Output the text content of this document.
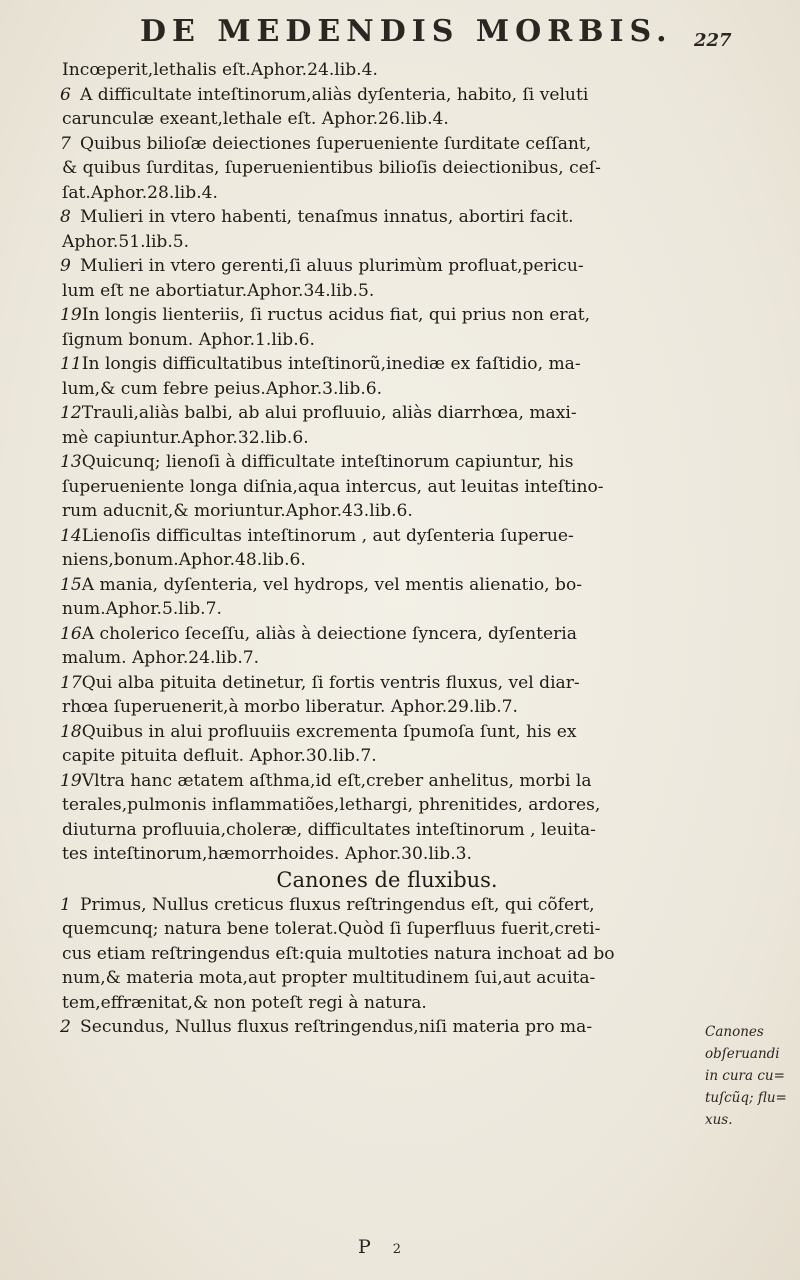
DE MEDENDIS MORBIS. 227
Incœperit,lethalis eſt.Aphor.24.lib.4.
6 A difficultate inteſtinorum,aliàs dyſenteria, habito, ſi veluti
carunculæ exeant,lethale eſt. Aphor.26.lib.4.
7 Quibus bilioſæ deiectiones ſuperueniente ſurditate ceſſant,
& quibus ſurditas, ſuperuenientibus bilioſis deiectionibus, ceſ-
ſat.Aphor.28.lib.4.
8 Mulieri in vtero habenti, tenaſmus innatus, abortiri facit.
Aphor.51.lib.5.
9 Mulieri in vtero gerenti,ſi aluus plurimùm profluat,pericu-
lum eſt ne abortiatur.Aphor.34.lib.5.
19In longis lienteriis, ſi ructus acidus fiat, qui prius non erat,
ſignum bonum. Aphor.1.lib.6.
11In longis difficultatibus inteſtinorũ,inediæ ex faſtidio, ma-
lum,& cum febre peius.Aphor.3.lib.6.
12Trauli,aliàs balbi, ab alui profluuio, aliàs diarrhœa, maxi-
mè capiuntur.Aphor.32.lib.6.
13Quicunq; lienoſi à difficultate inteſtinorum capiuntur, his
ſuperueniente longa diſnia,aqua intercus, aut leuitas inteſtino-
rum aducnit,& moriuntur.Aphor.43.lib.6.
14Lienoſis difficultas inteſtinorum , aut dyſenteria ſuperue-
niens,bonum.Aphor.48.lib.6.
15A mania, dyſenteria, vel hydrops, vel mentis alienatio, bo-
num.Aphor.5.lib.7.
16A cholerico ſeceſſu, aliàs à deiectione ſyncera, dyſenteria
malum. Aphor.24.lib.7.
17Qui alba pituita detinetur, ſi fortis ventris fluxus, vel diar-
rhœa ſuperuenerit,à morbo liberatur. Aphor.29.lib.7.
18Quibus in alui profluuiis excrementa ſpumoſa ſunt, his ex
capite pituita defluit. Aphor.30.lib.7.
19Vltra hanc ætatem aſthma,id eſt,creber anhelitus, morbi la
terales,pulmonis inflammatiões,lethargi, phrenitides, ardores,
diuturna profluuia,choleræ, difficultates inteſtinorum , leuita-
tes inteſtinorum,hæmorrhoides. Aphor.30.lib.3.
Canones de fluxibus.
1 Primus, Nullus creticus fluxus reſtringendus eſt, qui cõfert,
quemcunq; natura bene tolerat.Quòd ſi ſuperfluus fuerit,creti-
cus etiam reſtringendus eſt:quia multoties natura inchoat ad bo
num,& materia mota,aut propter multitudinem ſui,aut acuita-
tem,effrænitat,& non poteſt regi à natura.
2 Secundus, Nullus fluxus reſtringendus,niſi materia pro ma-	Canones
obſeruandi
in cura cu=
tuſcũq; flu=
xus.
P 2
